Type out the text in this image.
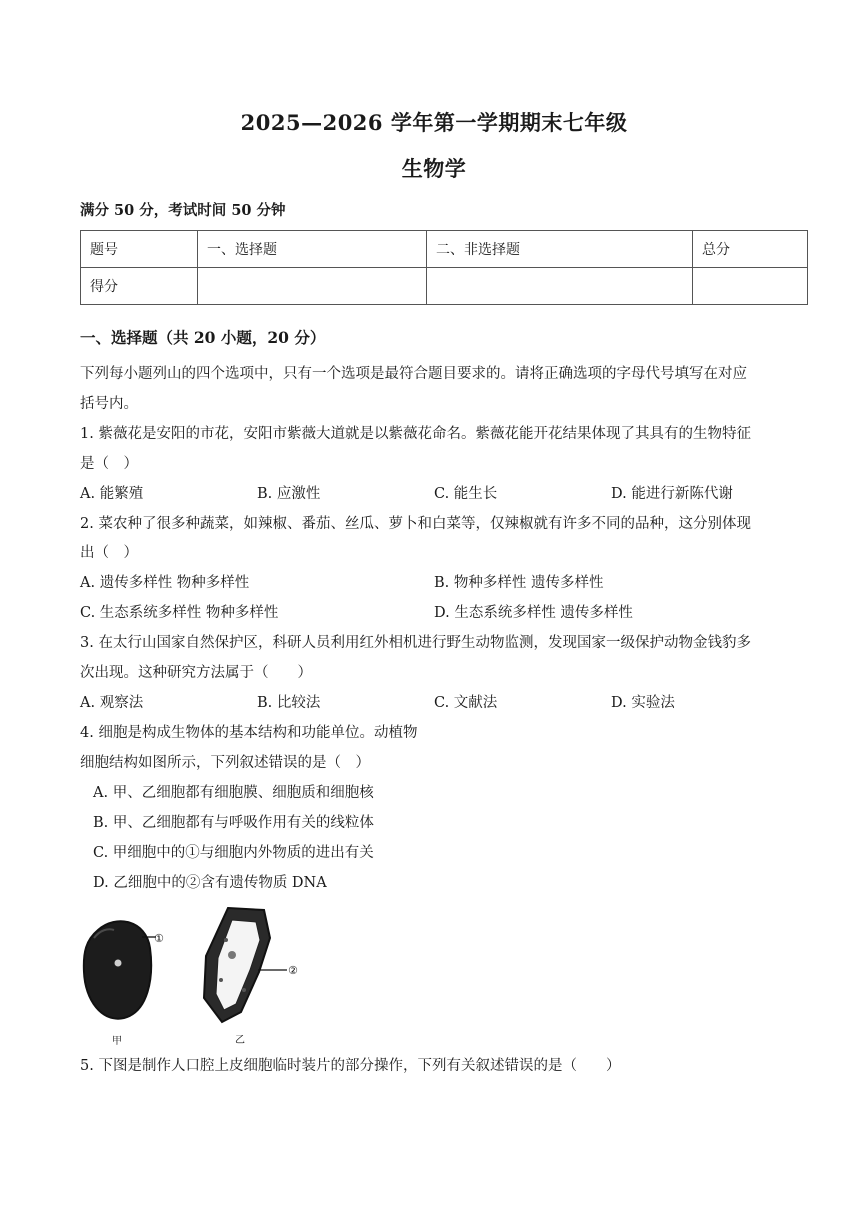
2025—2026 学年第一学期期末七年级
生物学
满分 50 分，考试时间 50 分钟
题号	一、选择题	二、非选择题	总分
得分			
一、选择题（共 20 小题，20 分）
下列每小题列山的四个选项中，只有一个选项是最符合题目要求的。请将正确选项的字母代号填写在对应
括号内。
1. 紫薇花是安阳的市花，安阳市紫薇大道就是以紫薇花命名。紫薇花能开花结果体现了其具有的生物特征
是（　）
A. 能繁殖	B. 应激性	C. 能生长	D. 能进行新陈代谢
2. 菜农种了很多种蔬菜，如辣椒、番茄、丝瓜、萝卜和白菜等，仅辣椒就有许多不同的品种，这分别体现
出（　）
A. 遗传多样性 物种多样性	B. 物种多样性 遗传多样性
C. 生态系统多样性 物种多样性	D. 生态系统多样性 遗传多样性
3. 在太行山国家自然保护区，科研人员利用红外相机进行野生动物监测，发现国家一级保护动物金钱豹多
次出现。这种研究方法属于（　　）
A. 观察法	B. 比较法	C. 文献法	D. 实验法
4. 细胞是构成生物体的基本结构和功能单位。动植物
细胞结构如图所示，下列叙述错误的是（　）
A. 甲、乙细胞都有细胞膜、细胞质和细胞核
B. 甲、乙细胞都有与呼吸作用有关的线粒体
C. 甲细胞中的①与细胞内外物质的进出有关
D. 乙细胞中的②含有遗传物质 DNA
①
②
甲	乙
5. 下图是制作人口腔上皮细胞临时装片的部分操作，下列有关叙述错误的是（　　）
